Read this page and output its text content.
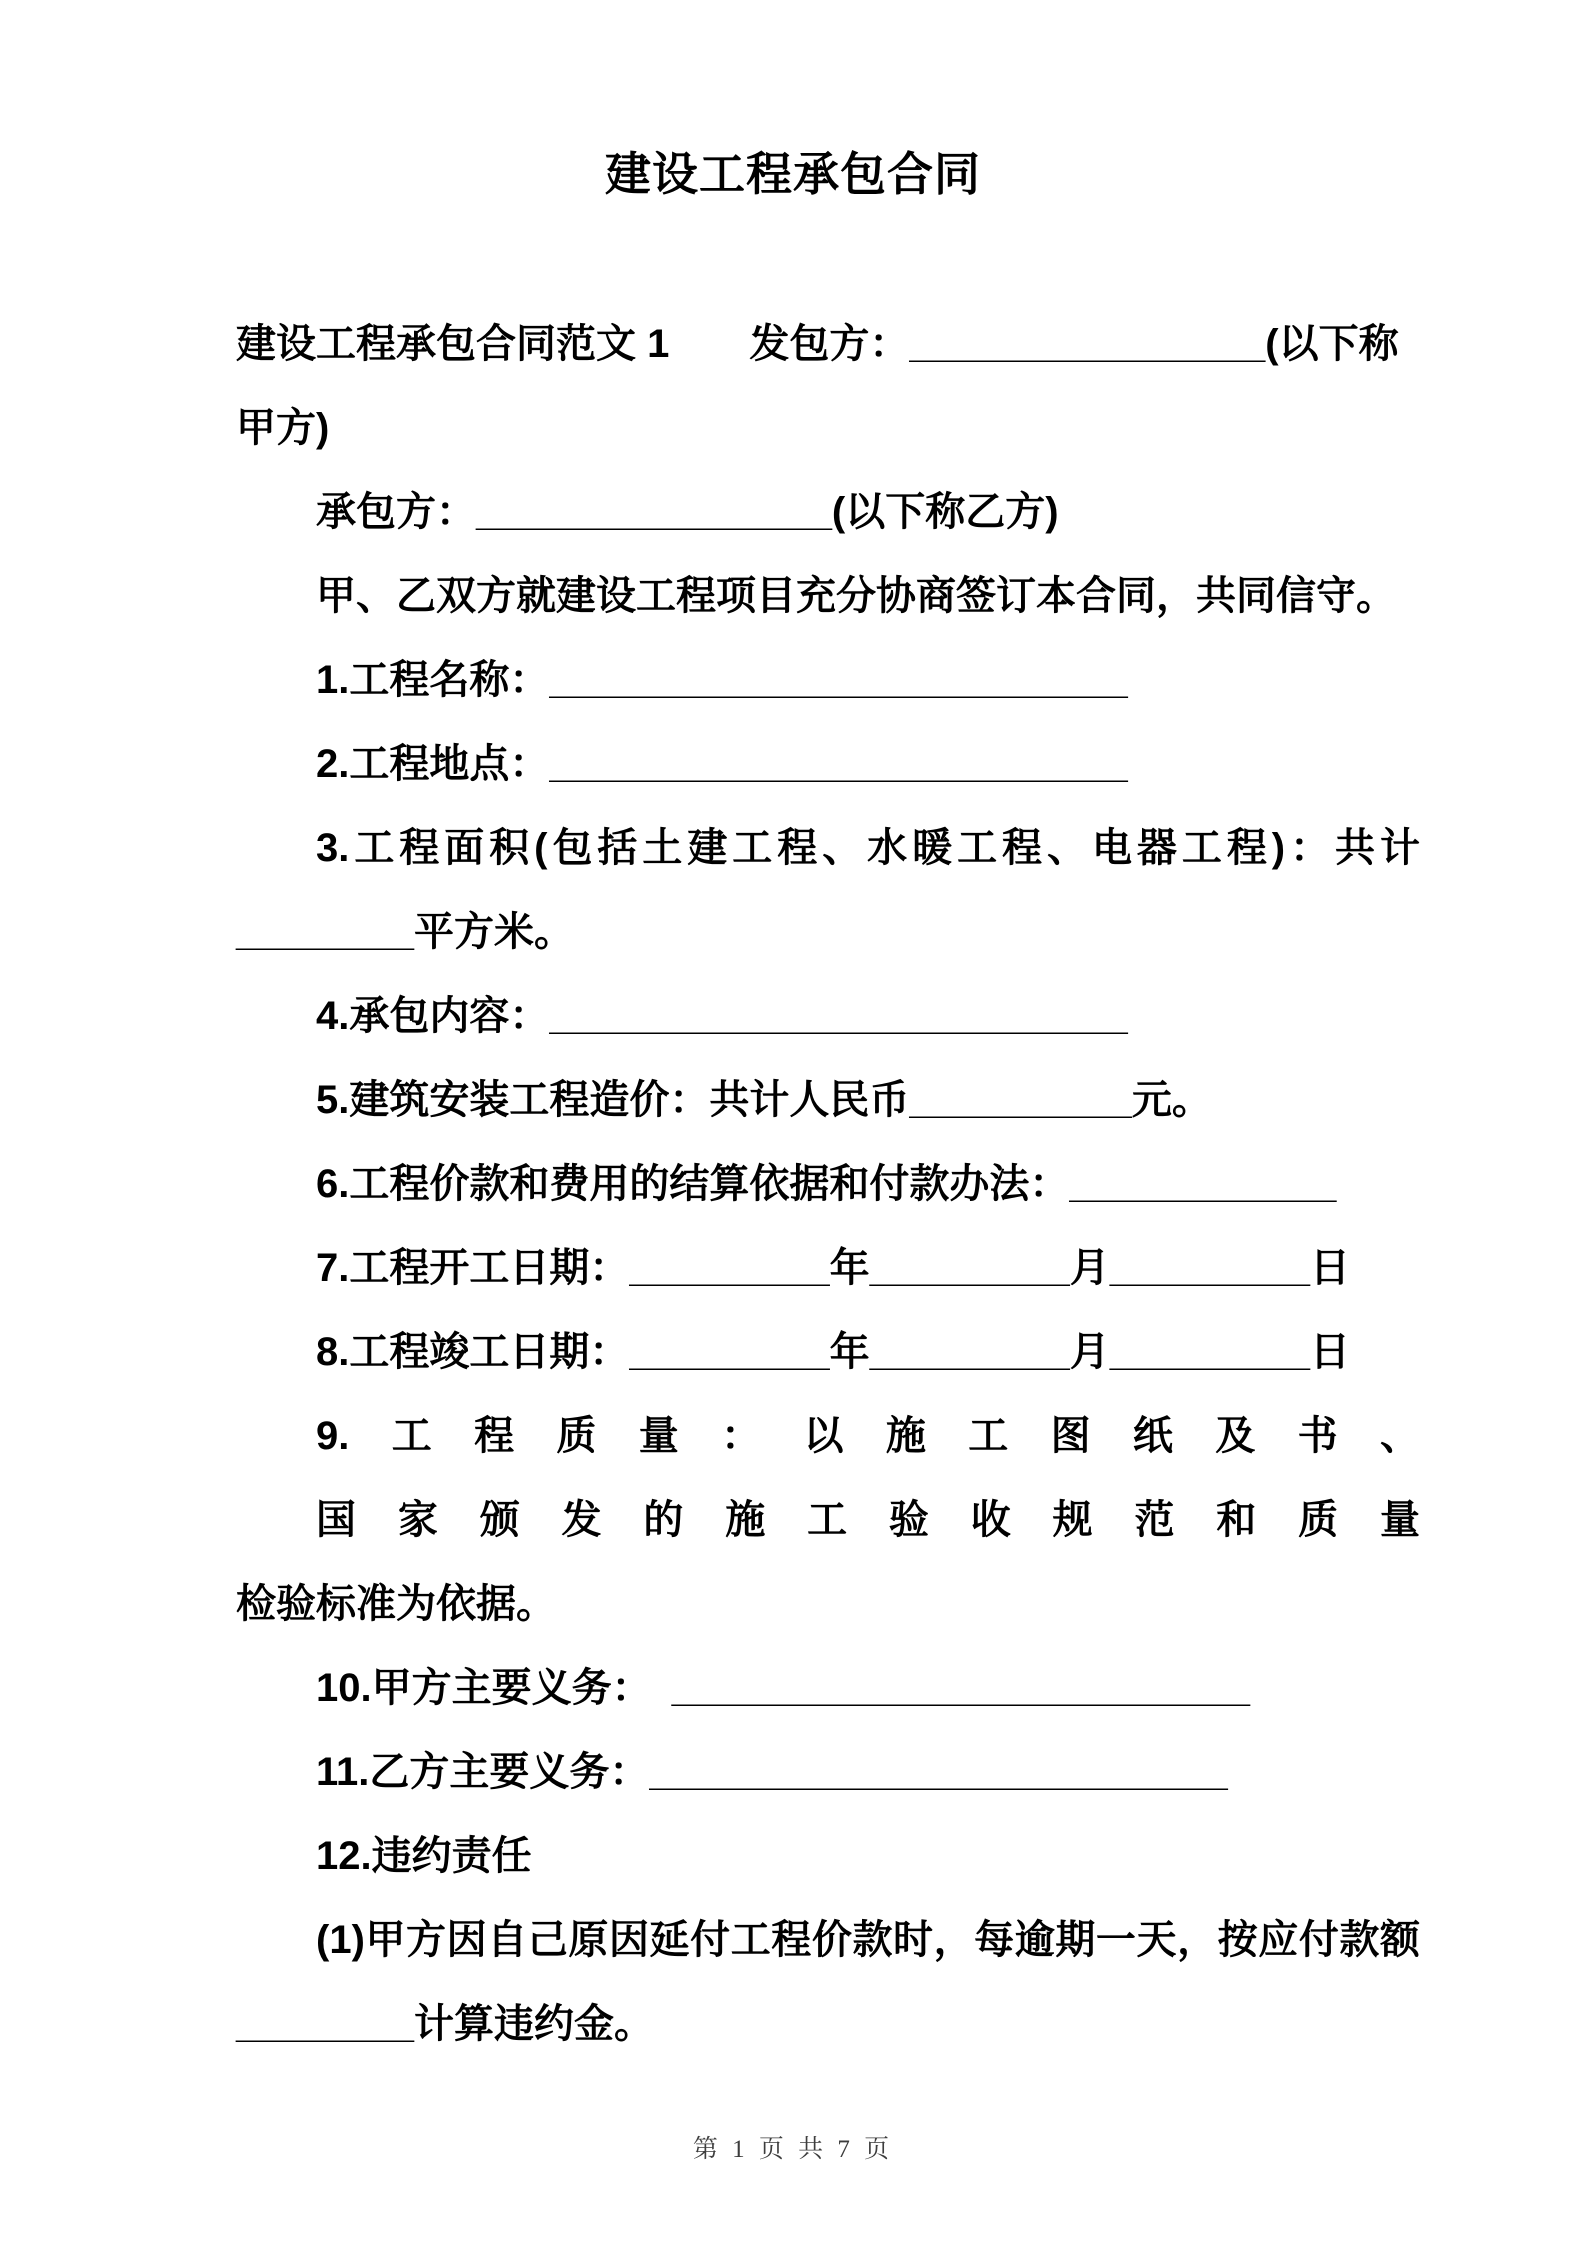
建设工程承包合同
建设工程承包合同范文 1　　发包方：________________(以下称
甲方)
承包方：________________(以下称乙方)
甲、乙双方就建设工程项目充分协商签订本合同，共同信守。
1.工程名称：__________________________
2.工程地点：__________________________
3.工程面积(包括土建工程、水暖工程、电器工程)：共计
________平方米。
4.承包内容：__________________________
5.建筑安装工程造价：共计人民币__________元。
6.工程价款和费用的结算依据和付款办法：____________
7.工程开工日期：_________年_________月_________日
8.工程竣工日期：_________年_________月_________日
9.工程质量：以施工图纸及书、国家颁发的施工验收规范和质量
检验标准为依据。
10.甲方主要义务：　__________________________
11.乙方主要义务：__________________________
12.违约责任
(1)甲方因自己原因延付工程价款时，每逾期一天，按应付款额
________计算违约金。
第 1 页 共 7 页
